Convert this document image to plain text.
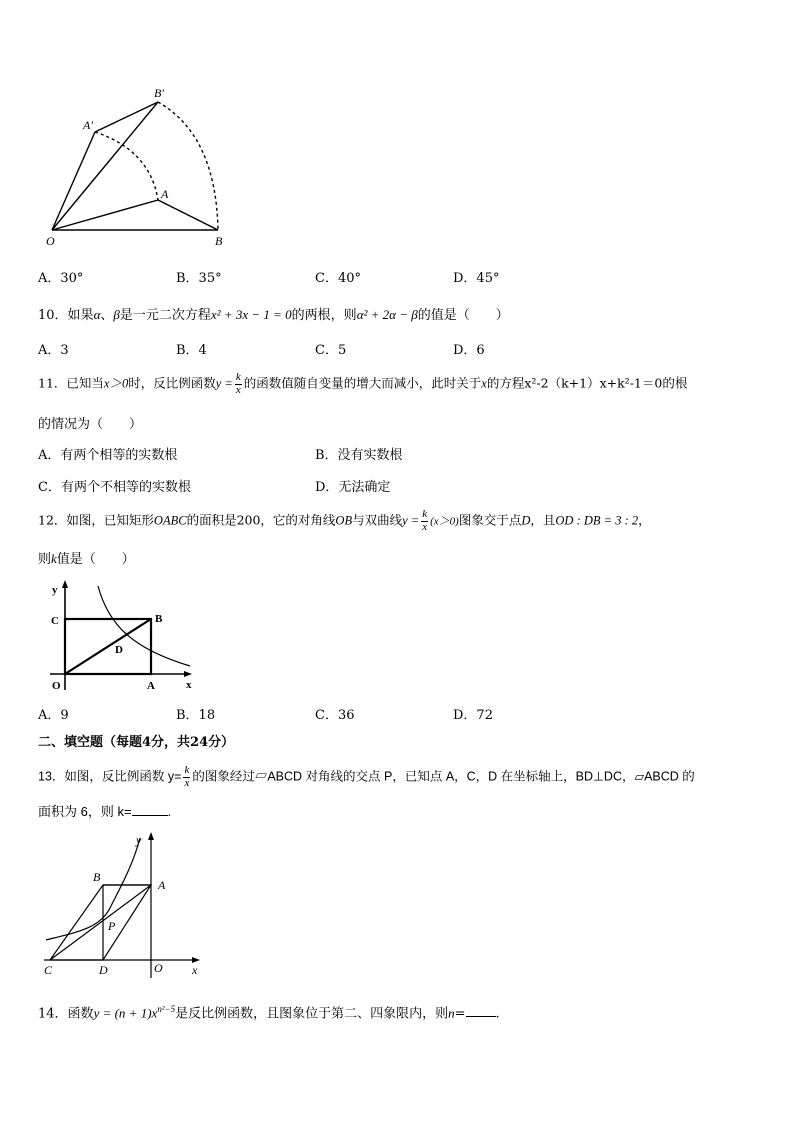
O
A
B
A′
B′
A．30°	B．35°	C．40°	D．45°
10．如果α、β是一元二次方程x² + 3x − 1 = 0的两根，则α² + 2α − β的值是（　　）
A．3	B．4	C．5	D．6
11．已知当x＞0时，反比例函数$y = \frac{k}{x}$ 的函数值随自变量的增大而减小，此时关于x的方程x²-2（k+1）x+k²-1＝0的根
的情况为（　　）
A．有两个相等的实数根	B．没有实数根
C．有两个不相等的实数根	D．无法确定
12．如图，已知矩形OABC的面积是200，它的对角线OB与双曲线$y = \frac{k}{x} (x>0)$图象交于点D，且OD : DB = 3 : 2，
则k值是（　　）
y
x
C	B
D
O	A
A．9	B．18	C．36	D．72
二、填空题（每题4分，共24分）
13．如图，反比例函数 $y= \frac{k}{x}$ 的图象经过▱ABCD 对角线的交点 P，已知点 A，C，D 在坐标轴上，BD⊥DC，▱ABCD 的
面积为 6，则 k=	.
y
x
B
A
P
C	D	O
14．函数$y = (n + 1)x^{n^2-5}$是反比例函数，且图象位于第二、四象限内，则n= .
